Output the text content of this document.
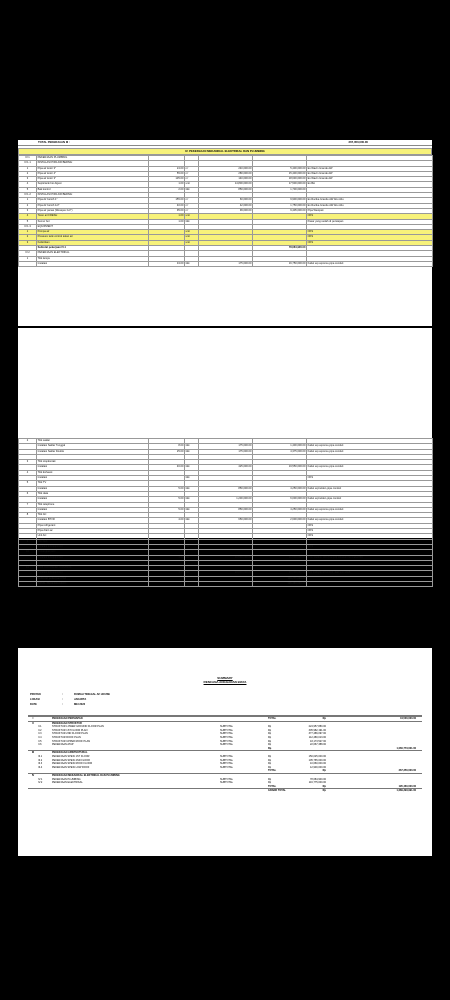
TOTAL PEKERJAAN III :	267,350,000.00
IV. PEKERJAAN MEKANIKAL ELEKTRIKAL DAN PLUMBING
IV.1	PEKERJAAN PLUMBING					
IV.1.1	INSTALASI PIPA AIR BERSIH					
1	Pipa air kotor 3"	24.00	m'	240,000.00	5,400,000.00	Ex.Wavin Grande AW
2	Pipa air kotor 4"	55.00	m'	280,000.00	15,400,000.00	Ex.Wavin Grande AW
3	Pipa air kotor 3"	135.00	m'	140,000.00	18,630,000.00	Ex.Wavin Grande AW
4	Septictank bio digest	1.00	unit	14,800,000.00	17,500,000.00	Ex.Bio
5	Bak kontrol	2.00	titik	850,000.00	1,700,000.00	
IV.1.2	INSTALASI PIPA AIR BERSIH					
1	Pipa Air bersih 1"	155.00	m'	60,000.00	9,900,000.00	Ex.Rucika Grande AW Abu Abu
2	Pipa Air bersih 1/2"	40.00	m'	42,000.00	1,750,000.00	Ex.Rucika Grande AW Abu Abu
3	Pipa air panas (Wesspex 1/2")	95.00	m'	99,000.00	9,405,000.00	Pipa Westpek
4	Toren air FRESH	1.00	unit			OKS
5	Sumur bor	1.00	titik			Pasar yang sudah di persiapan
IV.1.3	EQUIPMENT					
1	Pompa air		unit			OKS
2	Pressure tank control tekan air		unit			OKS
3	Kelistrikan		unit			OKS
	Subtotal pekerjaan IV.1				78,684,900.00	
IV.2	PEKERJAAN ELEKTRIKAL					
1	Titik lampu					
	Instalasi	34.00	titik	175,000.00	16,750,000.00	Kabel eq.supreme,pipa conduit
2	Titik saklar					
	Instalasi Saklar Tunggal	8.00	titik	175,000.00	1,400,000.00	Kabel eq.supreme,pipa conduit
	Instalasi Saklar Double	25.00	titik	175,000.00	4,375,000.00	Kabel eq.supreme,pipa conduit

3	Titik stopkontak					
	Instalasi	46.00	titik	425,000.00	19,550,000.00	Kabel eq.supreme,pipa conduit
4	Titik Exhaust					
	Instalasi		titik			OKS
5	Titik TV					
	Instalasi	5.00	titik	850,000.00	4,250,000.00	Kabel eq.belden,pipa conduit
6	Titik data					
	Instalasi	5.00	titik	1,200,000.00	6,000,000.00	Kabel eq.belden,pipa conduit
7	Titik telephone					
	Instalasi	5.00	titik	850,000.00	4,250,000.00	Kabel eq.supreme,pipa conduit
8	Titik AC					
	Instalasi BTVR	4.00	titik	650,000.00	2,600,000.00	Kabel eq.supreme,pipa conduit
	Pipa refrigerant					OKS
	Pipa drain ac					OKS
	Unit AC					OKS
9	Mini hub					
	Instalasi & Equipment		titik			OKS
10	Penangkal petir					
	Instalasi & Equipment	1.00	titik	11,500,000.00	11,500,000.00	Kom Radius 100 (Kompfi) lokakali dan kabel BC

11	MCB DAN PANEL KONTROL					
	Instalasi & Equipment	1.00	titik	20,000,000.00	20,000,000.00	Box mcb,panel kontrol, dan unit MCB
	Subtotal pekerjaan IV.2				116,775,000.00	
	TOTAL PEKERJAAN IV :				195,460,000.00	
SUMMARY
RENCANA ANGGARAN BIAYA
PROYEK	:	RUMAH TINGGAL AF HOUSE
LOKASI	:	JAKARTA
DATE	:	MEI 2023
I	PEKERJAAN PERSIAPAN	TOTAL	Rp	44,500,000.00
II	PEKERJAAN STRUKTUR
II.1	STRUKTUR LOWER GROUND FLOOR PLAN	SUBTOTAL	Rp	224,957,880.00
II.2	STRUKTUR 1ST FLOOR PLAN	SUBTOTAL	Rp	305,982,191.00
II.3	STRUKTUR 2ND FLOOR PLAN	SUBTOTAL	Rp	377,486,097.00
II.4	STRUKTUR ROOF PLAN	SUBTOTAL	Rp	112,480,013.00
II.5	STRUKTUR UPPER ROOF PLAN	SUBTOTAL	Rp	43,173,527.00
II.6	PEKERJAAN ATAP	SUBTOTAL	Rp	22,667,388.00
Rp	1,066,773,001.00
III	PEKERJAAN ARSITEKTURAL
III.1	PEKERJAAN SPESI 1ST FLOOR	SUBTOTAL	Rp	150,025,000.00
III.2	PEKERJAAN SPESI 2ND FLOOR	SUBTOTAL	Rp	105,765,000.00
III.3	PEKERJAAN SPESI ROOF FLOOR	SUBTOTAL	Rp	10,660,000.00
III.4	PEKERJAAN SPESI LOW ROOF	SUBTOTAL	Rp	12,900,000.00
TOTAL	Rp	267,350,000.00
IV	PEKERJAAN MEKANIKAL ELEKTRIKAL DAN PLUMBING
IV.1	PEKERJAAN PLUMBING	SUBTOTAL	Rp	78,684,900.00
IV.2	PEKERJAAN ELEKTRIKAL	SUBTOTAL	Rp	116,775,000.00
TOTAL	Rp	195,460,000.00
GRAND TOTAL	Rp	1,689,393,991.00
